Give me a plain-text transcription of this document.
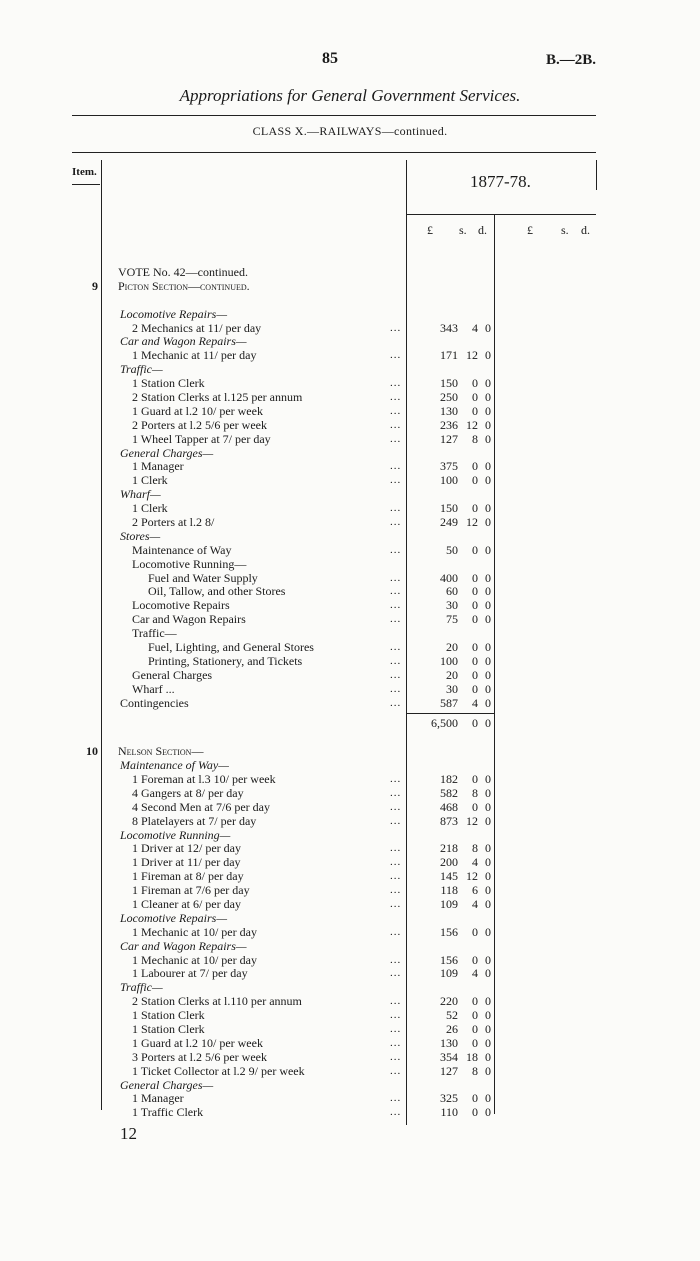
85	B.—2B.
Appropriations for General Government Services.
CLASS X.—RAILWAYS—continued.
Item.	1877-78.
£ s. d.	£ s. d.
VOTE No. 42—continued.
9 Picton Section—continued.
Locomotive Repairs—
2 Mechanics at 11/ per day	...	343	4 0
Car and Wagon Repairs—
1 Mechanic at 11/ per day	...	171 12 0
Traffic—
1 Station Clerk	...	150	0 0
2 Station Clerks at l.125 per annum	...	250	0 0
1 Guard at l.2 10/ per week	...	130	0 0
2 Porters at l.2 5/6 per week	...	236 12 0
1 Wheel Tapper at 7/ per day	...	127	8 0
General Charges—
1 Manager	...	375	0 0
1 Clerk	...	100	0 0
Wharf—
1 Clerk	...	150	0 0
2 Porters at l.2 8/	...	249 12 0
Stores—
Maintenance of Way	...	50	0 0
Locomotive Running—
Fuel and Water Supply	...	400	0 0
Oil, Tallow, and other Stores	...	60	0 0
Locomotive Repairs	...	30	0 0
Car and Wagon Repairs	...	75	0 0
Traffic—
Fuel, Lighting, and General Stores	...	20	0 0
Printing, Stationery, and Tickets	...	100	0 0
General Charges	...	20	0 0
Wharf ...	...	30	0 0
Contingencies	...	587	4 0
6,500	0 0
10 Nelson Section—
Maintenance of Way—
1 Foreman at l.3 10/ per week	...	182	0 0
4 Gangers at 8/ per day	...	582	8 0
4 Second Men at 7/6 per day	...	468	0 0
8 Platelayers at 7/ per day	...	873 12 0
Locomotive Running—
1 Driver at 12/ per day	...	218	8 0
1 Driver at 11/ per day	...	200	4 0
1 Fireman at 8/ per day	...	145 12 0
1 Fireman at 7/6 per day	...	118	6 0
1 Cleaner at 6/ per day	...	109	4 0
Locomotive Repairs—
1 Mechanic at 10/ per day	...	156	0 0
Car and Wagon Repairs—
1 Mechanic at 10/ per day	...	156	0 0
1 Labourer at 7/ per day	...	109	4 0
Traffic—
2 Station Clerks at l.110 per annum	...	220	0 0
1 Station Clerk	...	52	0 0
1 Station Clerk	...	26	0 0
1 Guard at l.2 10/ per week	...	130	0 0
3 Porters at l.2 5/6 per week	...	354 18 0
1 Ticket Collector at l.2 9/ per week	...	127	8 0
General Charges—
1 Manager	...	325	0 0
1 Traffic Clerk	...	110	0 0
12
